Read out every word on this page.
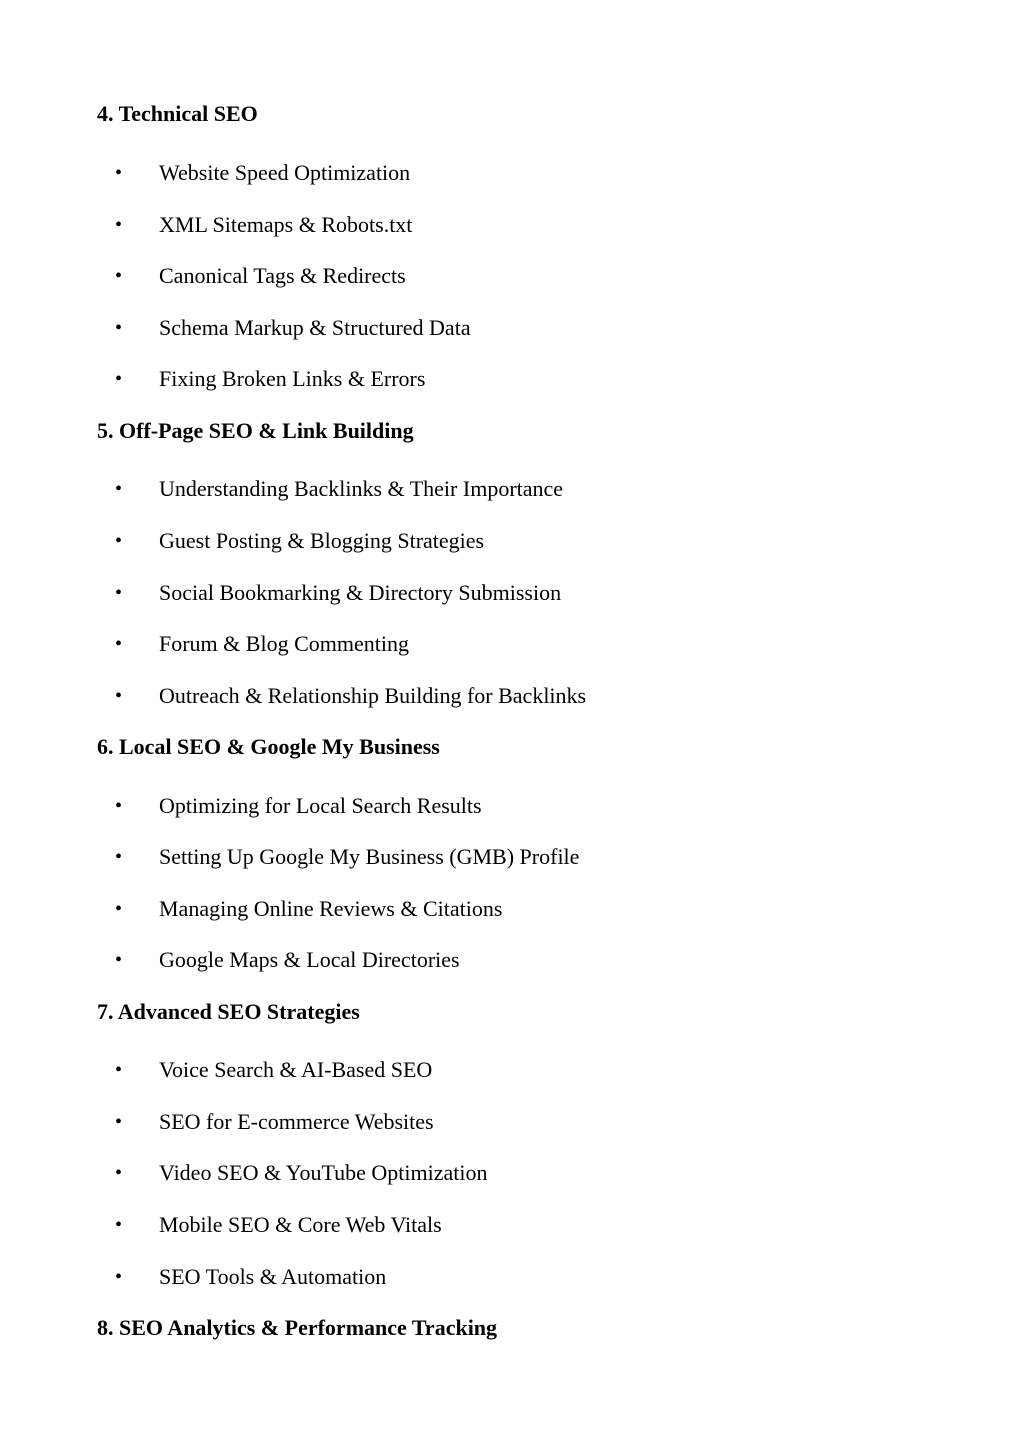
4. Technical SEO
• Website Speed Optimization
• XML Sitemaps & Robots.txt
• Canonical Tags & Redirects
• Schema Markup & Structured Data
• Fixing Broken Links & Errors
5. Off-Page SEO & Link Building
• Understanding Backlinks & Their Importance
• Guest Posting & Blogging Strategies
• Social Bookmarking & Directory Submission
• Forum & Blog Commenting
• Outreach & Relationship Building for Backlinks
6. Local SEO & Google My Business
• Optimizing for Local Search Results
• Setting Up Google My Business (GMB) Profile
• Managing Online Reviews & Citations
• Google Maps & Local Directories
7. Advanced SEO Strategies
• Voice Search & AI-Based SEO
• SEO for E-commerce Websites
• Video SEO & YouTube Optimization
• Mobile SEO & Core Web Vitals
• SEO Tools & Automation
8. SEO Analytics & Performance Tracking
